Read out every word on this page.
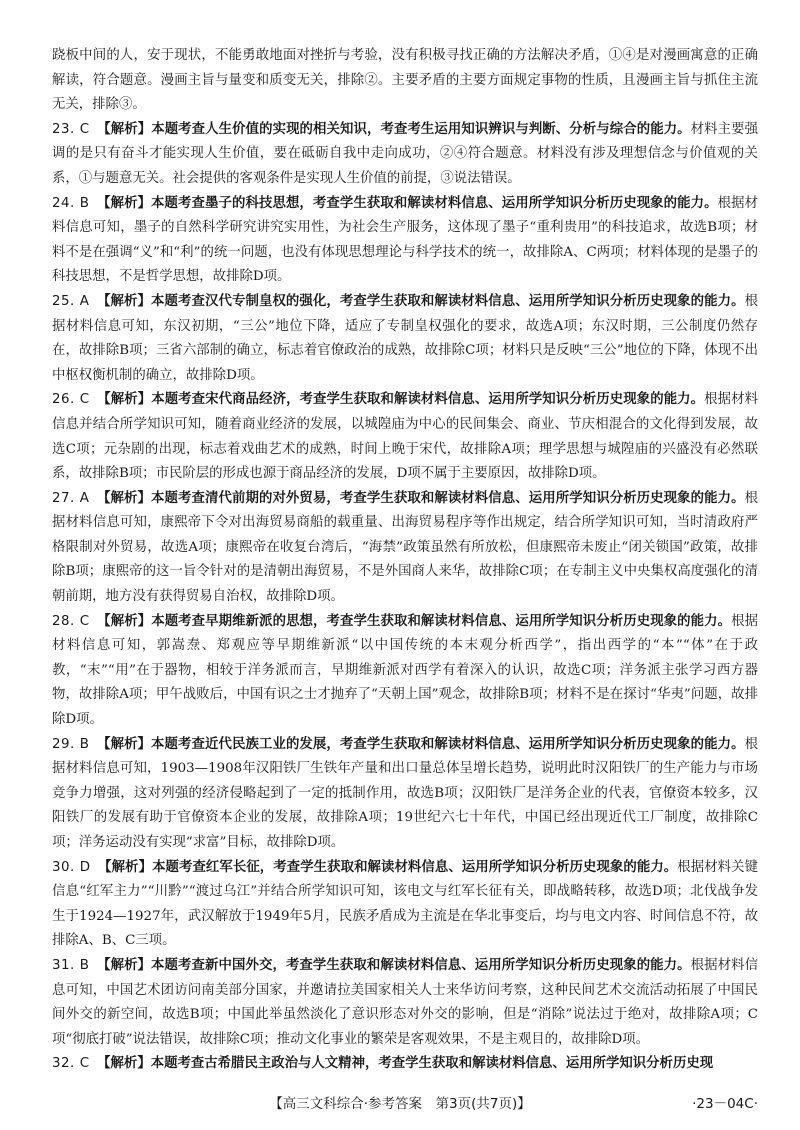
跷板中间的人，安于现状，不能勇敢地面对挫折与考验，没有积极寻找正确的方法解决矛盾，①④是对漫画寓意的正确解读，符合题意。漫画主旨与量变和质变无关，排除②。主要矛盾的主要方面规定事物的性质，且漫画主旨与抓住主流无关，排除③。

23. C 【解析】本题考查人生价值的实现的相关知识，考查考生运用知识辨识与判断、分析与综合的能力。材料主要强调的是只有奋斗才能实现人生价值，要在砥砺自我中走向成功，②④符合题意。材料没有涉及理想信念与价值观的关系，①与题意无关。社会提供的客观条件是实现人生价值的前提，③说法错误。
24. B 【解析】本题考查墨子的科技思想，考查学生获取和解读材料信息、运用所学知识分析历史现象的能力。根据材料信息可知，墨子的自然科学研究讲究实用性，为社会生产服务，这体现了墨子“重利贵用”的科技追求，故选B项；材料不是在强调“义”和“利”的统一问题，也没有体现思想理论与科学技术的统一，故排除A、C两项；材料体现的是墨子的科技思想，不是哲学思想，故排除D项。
25. A 【解析】本题考查汉代专制皇权的强化，考查学生获取和解读材料信息、运用所学知识分析历史现象的能力。根据材料信息可知，东汉初期，“三公”地位下降，适应了专制皇权强化的要求，故选A项；东汉时期，三公制度仍然存在，故排除B项；三省六部制的确立，标志着官僚政治的成熟，故排除C项；材料只是反映“三公”地位的下降，体现不出中枢权衡机制的确立，故排除D项。
26. C 【解析】本题考查宋代商品经济，考查学生获取和解读材料信息、运用所学知识分析历史现象的能力。根据材料信息并结合所学知识可知，随着商业经济的发展，以城隍庙为中心的民间集会、商业、节庆相混合的文化得到发展，故选C项；元杂剧的出现，标志着戏曲艺术的成熟，时间上晚于宋代，故排除A项；理学思想与城隍庙的兴盛没有必然联系，故排除B项；市民阶层的形成也源于商品经济的发展，D项不属于主要原因，故排除D项。
27. A 【解析】本题考查清代前期的对外贸易，考查学生获取和解读材料信息、运用所学知识分析历史现象的能力。根据材料信息可知，康熙帝下令对出海贸易商船的载重量、出海贸易程序等作出规定，结合所学知识可知，当时清政府严格限制对外贸易，故选A项；康熙帝在收复台湾后，“海禁”政策虽然有所放松，但康熙帝未废止“闭关锁国”政策，故排除B项；康熙帝的这一旨令针对的是清朝出海贸易，不是外国商人来华，故排除C项；在专制主义中央集权高度强化的清朝前期，地方没有获得贸易自治权，故排除D项。
28. C 【解析】本题考查早期维新派的思想，考查学生获取和解读材料信息、运用所学知识分析历史现象的能力。根据材料信息可知，郭嵩焘、郑观应等早期维新派“以中国传统的本末观分析西学”，指出西学的“本”“体”在于政教，“末”“用”在于器物，相较于洋务派而言，早期维新派对西学有着深入的认识，故选C项；洋务派主张学习西方器物，故排除A项；甲午战败后，中国有识之士才抛弃了“天朝上国”观念，故排除B项；材料不是在探讨“华夷”问题，故排除D项。
29. B 【解析】本题考查近代民族工业的发展，考查学生获取和解读材料信息、运用所学知识分析历史现象的能力。根据材料信息可知，1903—1908年汉阳铁厂生铁年产量和出口量总体呈增长趋势，说明此时汉阳铁厂的生产能力与市场竞争力增强，这对列强的经济侵略起到了一定的抵制作用，故选B项；汉阳铁厂是洋务企业的代表，官僚资本较多，汉阳铁厂的发展有助于官僚资本企业的发展，故排除A项；19世纪六七十年代，中国已经出现近代工厂制度，故排除C项；洋务运动没有实现“求富”目标，故排除D项。
30. D 【解析】本题考查红军长征，考查学生获取和解读材料信息、运用所学知识分析历史现象的能力。根据材料关键信息“红军主力”“川黔”“渡过乌江”并结合所学知识可知，该电文与红军长征有关，即战略转移，故选D项；北伐战争发生于1924—1927年，武汉解放于1949年5月，民族矛盾成为主流是在华北事变后，均与电文内容、时间信息不符，故排除A、B、C三项。
31. B 【解析】本题考查新中国外交，考查学生获取和解读材料信息、运用所学知识分析历史现象的能力。根据材料信息可知，中国艺术团访问南美部分国家，并邀请拉美国家相关人士来华访问考察，这种民间艺术交流活动拓展了中国民间外交的新空间，故选B项；中国此举虽然淡化了意识形态对外交的影响，但是“消除”说法过于绝对，故排除A项；C项“彻底打破”说法错误，故排除C项；推动文化事业的繁荣是客观效果，不是主观目的，故排除D项。
32. C 【解析】本题考查古希腊民主政治与人文精神，考查学生获取和解读材料信息、运用所学知识分析历史现
【高三文科综合·参考答案　第3页(共7页)】	·23－04C·
